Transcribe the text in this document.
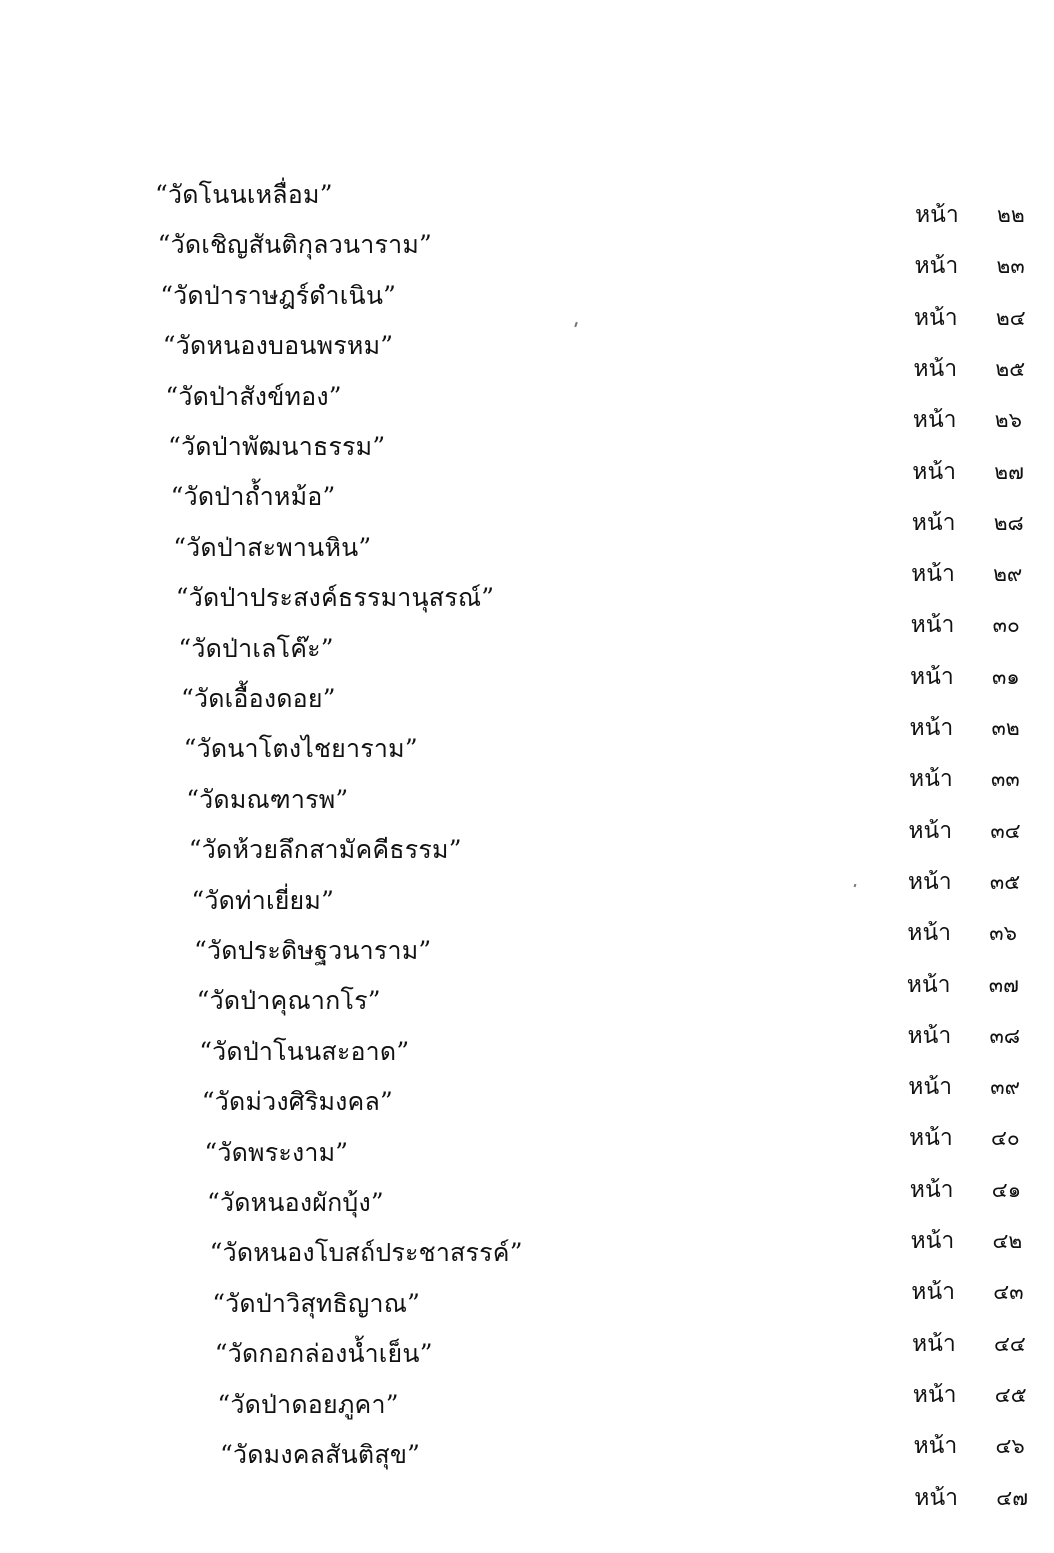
“วัดโนนเหลื่อม”
หน้า ๒๒
“วัดเชิญสันติกุลวนาราม”
หน้า ๒๓
“วัดป่าราษฎร์ดำเนิน”
หน้า ๒๔
“วัดหนองบอนพรหม”
หน้า ๒๕
“วัดป่าสังข์ทอง”
หน้า ๒๖
“วัดป่าพัฒนาธรรม”
หน้า ๒๗
“วัดป่าถ้ำหม้อ”
หน้า ๒๘
“วัดป่าสะพานหิน”
หน้า ๒๙
“วัดป่าประสงค์ธรรมานุสรณ์”
หน้า ๓๐
“วัดป่าเลโค๊ะ”
หน้า ๓๑
“วัดเอื้องดอย”
หน้า ๓๒
“วัดนาโตงไชยาราม”
หน้า ๓๓
“วัดมณฑารพ”
หน้า ๓๔
“วัดห้วยลึกสามัคคีธรรม”
หน้า ๓๕
“วัดท่าเยี่ยม”
หน้า ๓๖
“วัดประดิษฐวนาราม”
หน้า ๓๗
“วัดป่าคุณากโร”
หน้า ๓๘
“วัดป่าโนนสะอาด”
หน้า ๓๙
“วัดม่วงศิริมงคล”
หน้า ๔๐
“วัดพระงาม”
หน้า ๔๑
“วัดหนองผักบุ้ง”
หน้า ๔๒
“วัดหนองโบสถ์ประชาสรรค์”
หน้า ๔๓
“วัดป่าวิสุทธิญาณ”
หน้า ๔๔
“วัดกอกล่องน้ำเย็น”
หน้า ๔๕
“วัดป่าดอยภูคา”
หน้า ๔๖
“วัดมงคลสันติสุข”
หน้า ๔๗
